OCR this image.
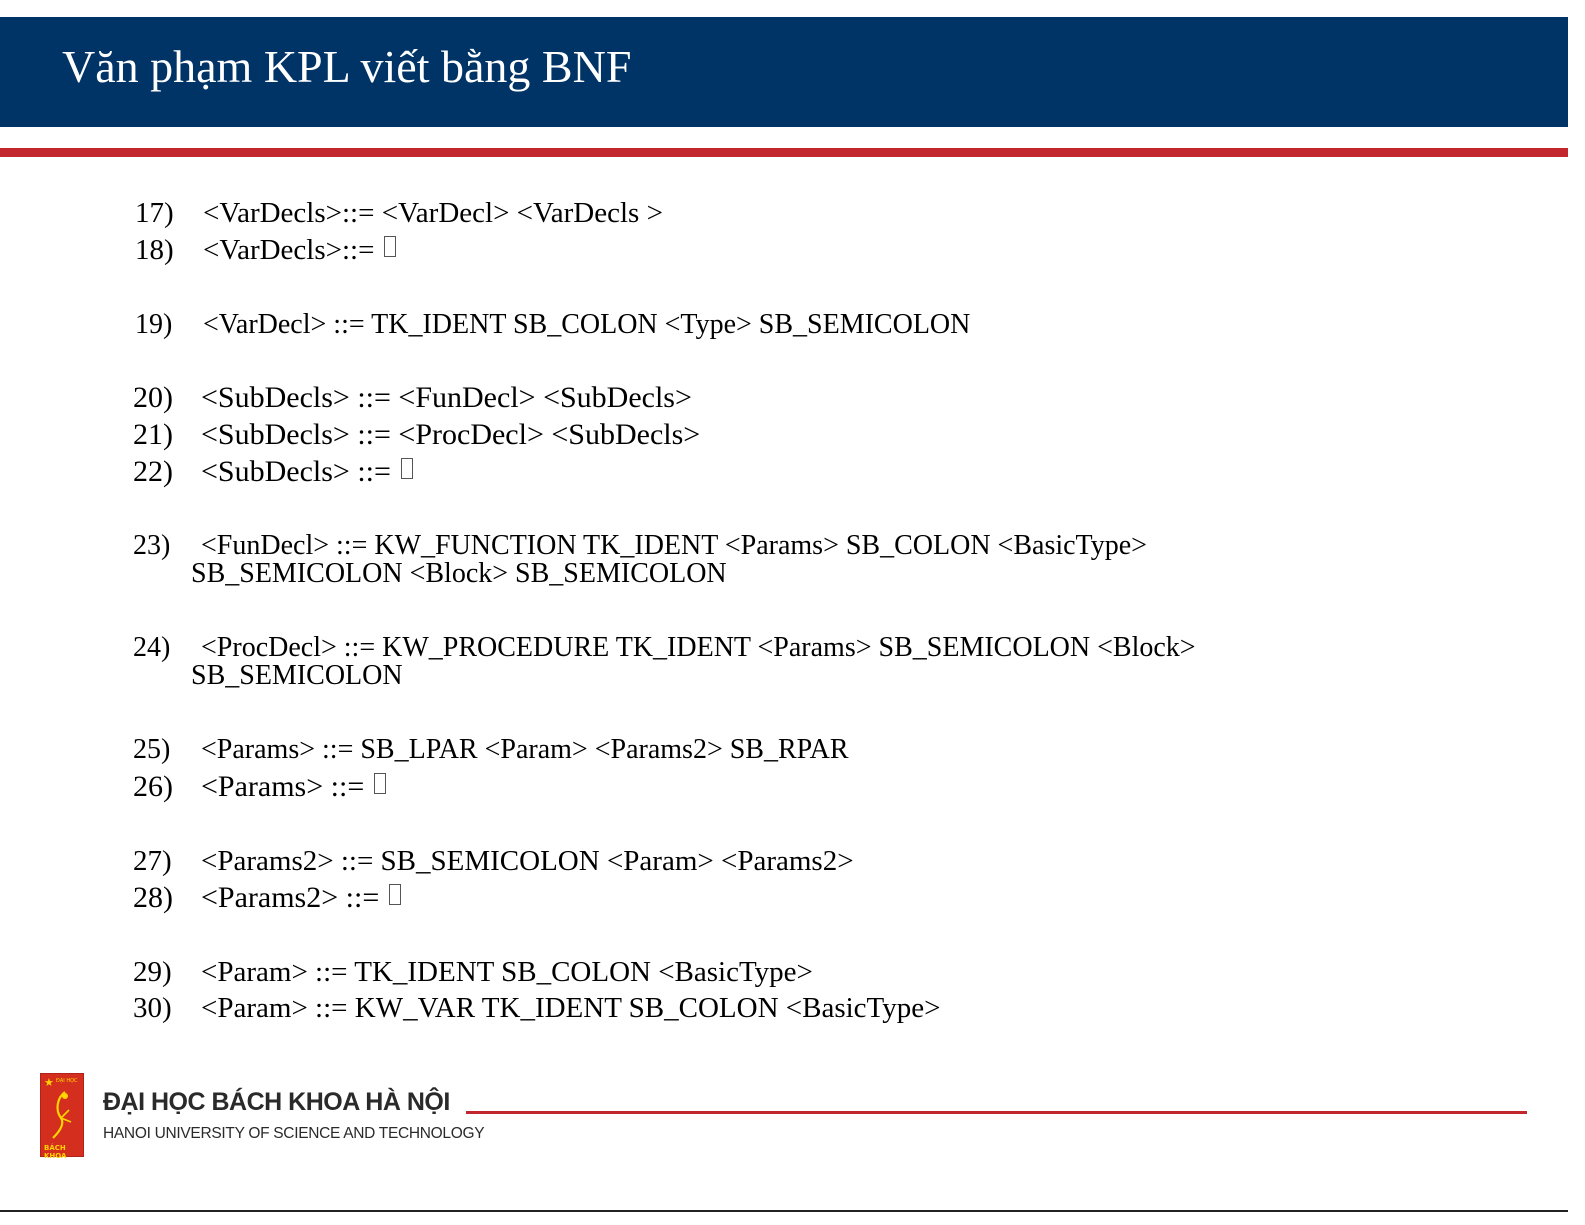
Văn phạm KPL viết bằng BNF
17) <VarDecls>::= <VarDecl> <VarDecls >
18) <VarDecls>::=
19) <VarDecl> ::= TK_IDENT SB_COLON <Type> SB_SEMICOLON
20) <SubDecls> ::= <FunDecl> <SubDecls>
21) <SubDecls> ::= <ProcDecl> <SubDecls>
22) <SubDecls> ::=
23) <FunDecl> ::= KW_FUNCTION TK_IDENT <Params> SB_COLON <BasicType>
SB_SEMICOLON <Block> SB_SEMICOLON
24) <ProcDecl> ::= KW_PROCEDURE TK_IDENT <Params> SB_SEMICOLON <Block>
SB_SEMICOLON
25) <Params> ::= SB_LPAR <Param> <Params2> SB_RPAR
26) <Params> ::=
27) <Params2> ::= SB_SEMICOLON <Param> <Params2>
28) <Params2> ::=
29) <Param> ::= TK_IDENT SB_COLON <BasicType>
30) <Param> ::= KW_VAR TK_IDENT SB_COLON <BasicType>
★ ĐẠI HỌC
BÁCH KHOA
ĐẠI HỌC BÁCH KHOA HÀ NỘI
HANOI UNIVERSITY OF SCIENCE AND TECHNOLOGY
